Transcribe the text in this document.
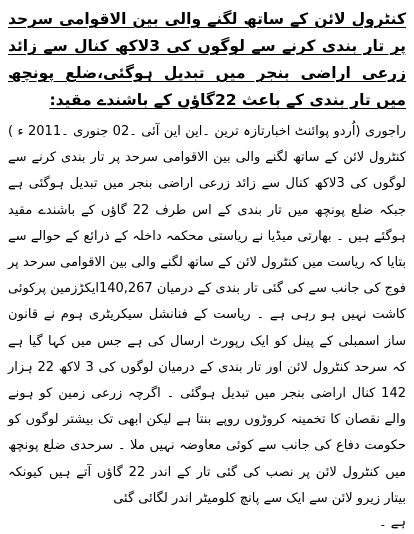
کنٹرول لائن کے ساتھ لگنے والی بین الاقوامی سرحد پر تار بندی کرنے سے لوگوں کی 3لاکھ کنال سے زائد زرعی اراضی بنجر میں تبدیل ہوگئی،ضلع پونچھ میں تار بندی کے باعث 22گاؤں کے باشندے مقید:

راجوری (اُردو پوائنٹ اخبارتازہ ترین ۔این این آئی ۔02 جنوری ۔2011 ء ) کنٹرول لائن کے ساتھ لگنے والی بین الاقوامی سرحد پر تار بندی کرنے سے لوگوں کی 3لاکھ کنال سے زائد زرعی اراضی بنجر میں تبدیل ہوگئی ہے جبکہ ضلع پونچھ میں تار بندی کے اس طرف 22 گاؤں کے باشندے مقید ہوگئے ہیں ۔ بھارتی میڈیا نے ریاستی محکمہ داخلہ کے ذرائع کے حوالے سے بتایا کہ ریاست میں کنٹرول لائن کے ساتھ لگنے والی بین الاقوامی سرحد پر فوج کی جانب سے کی گئی تار بندی کے درمیان 140,267ایکڑزمین پرکوئی کاشت نہیں ہو رہی ہے ۔ ریاست کے فنانشل سیکریٹری ہوم نے قانون ساز اسمبلی کے پینل کو ایک رپورٹ ارسال کی ہے جس میں کہا گیا ہے کہ سرحد کنٹرول لائن اور تار بندی کے درمیان لوگوں کی 3 لاکھ 22 ہزار 142 کنال اراضی بنجر میں تبدیل ہوگئی ۔ اگرچہ زرعی زمین کو ہونے والے نقصان کا تخمینہ کروڑوں روپے بنتا ہے لیکن ابھی تک بیشتر لوگوں کو حکومت دفاع کی جانب سے کوئی معاوضہ نہیں ملا ۔ سرحدی ضلع پونچھ میں کنٹرول لائن پر نصب کی گئی تار کے اندر 22 گاؤں آتے ہیں کیونکہ بیتار زیرو لائن سے ایک سے پانچ کلومیٹر اندر لگائی گئی

ہے ۔
